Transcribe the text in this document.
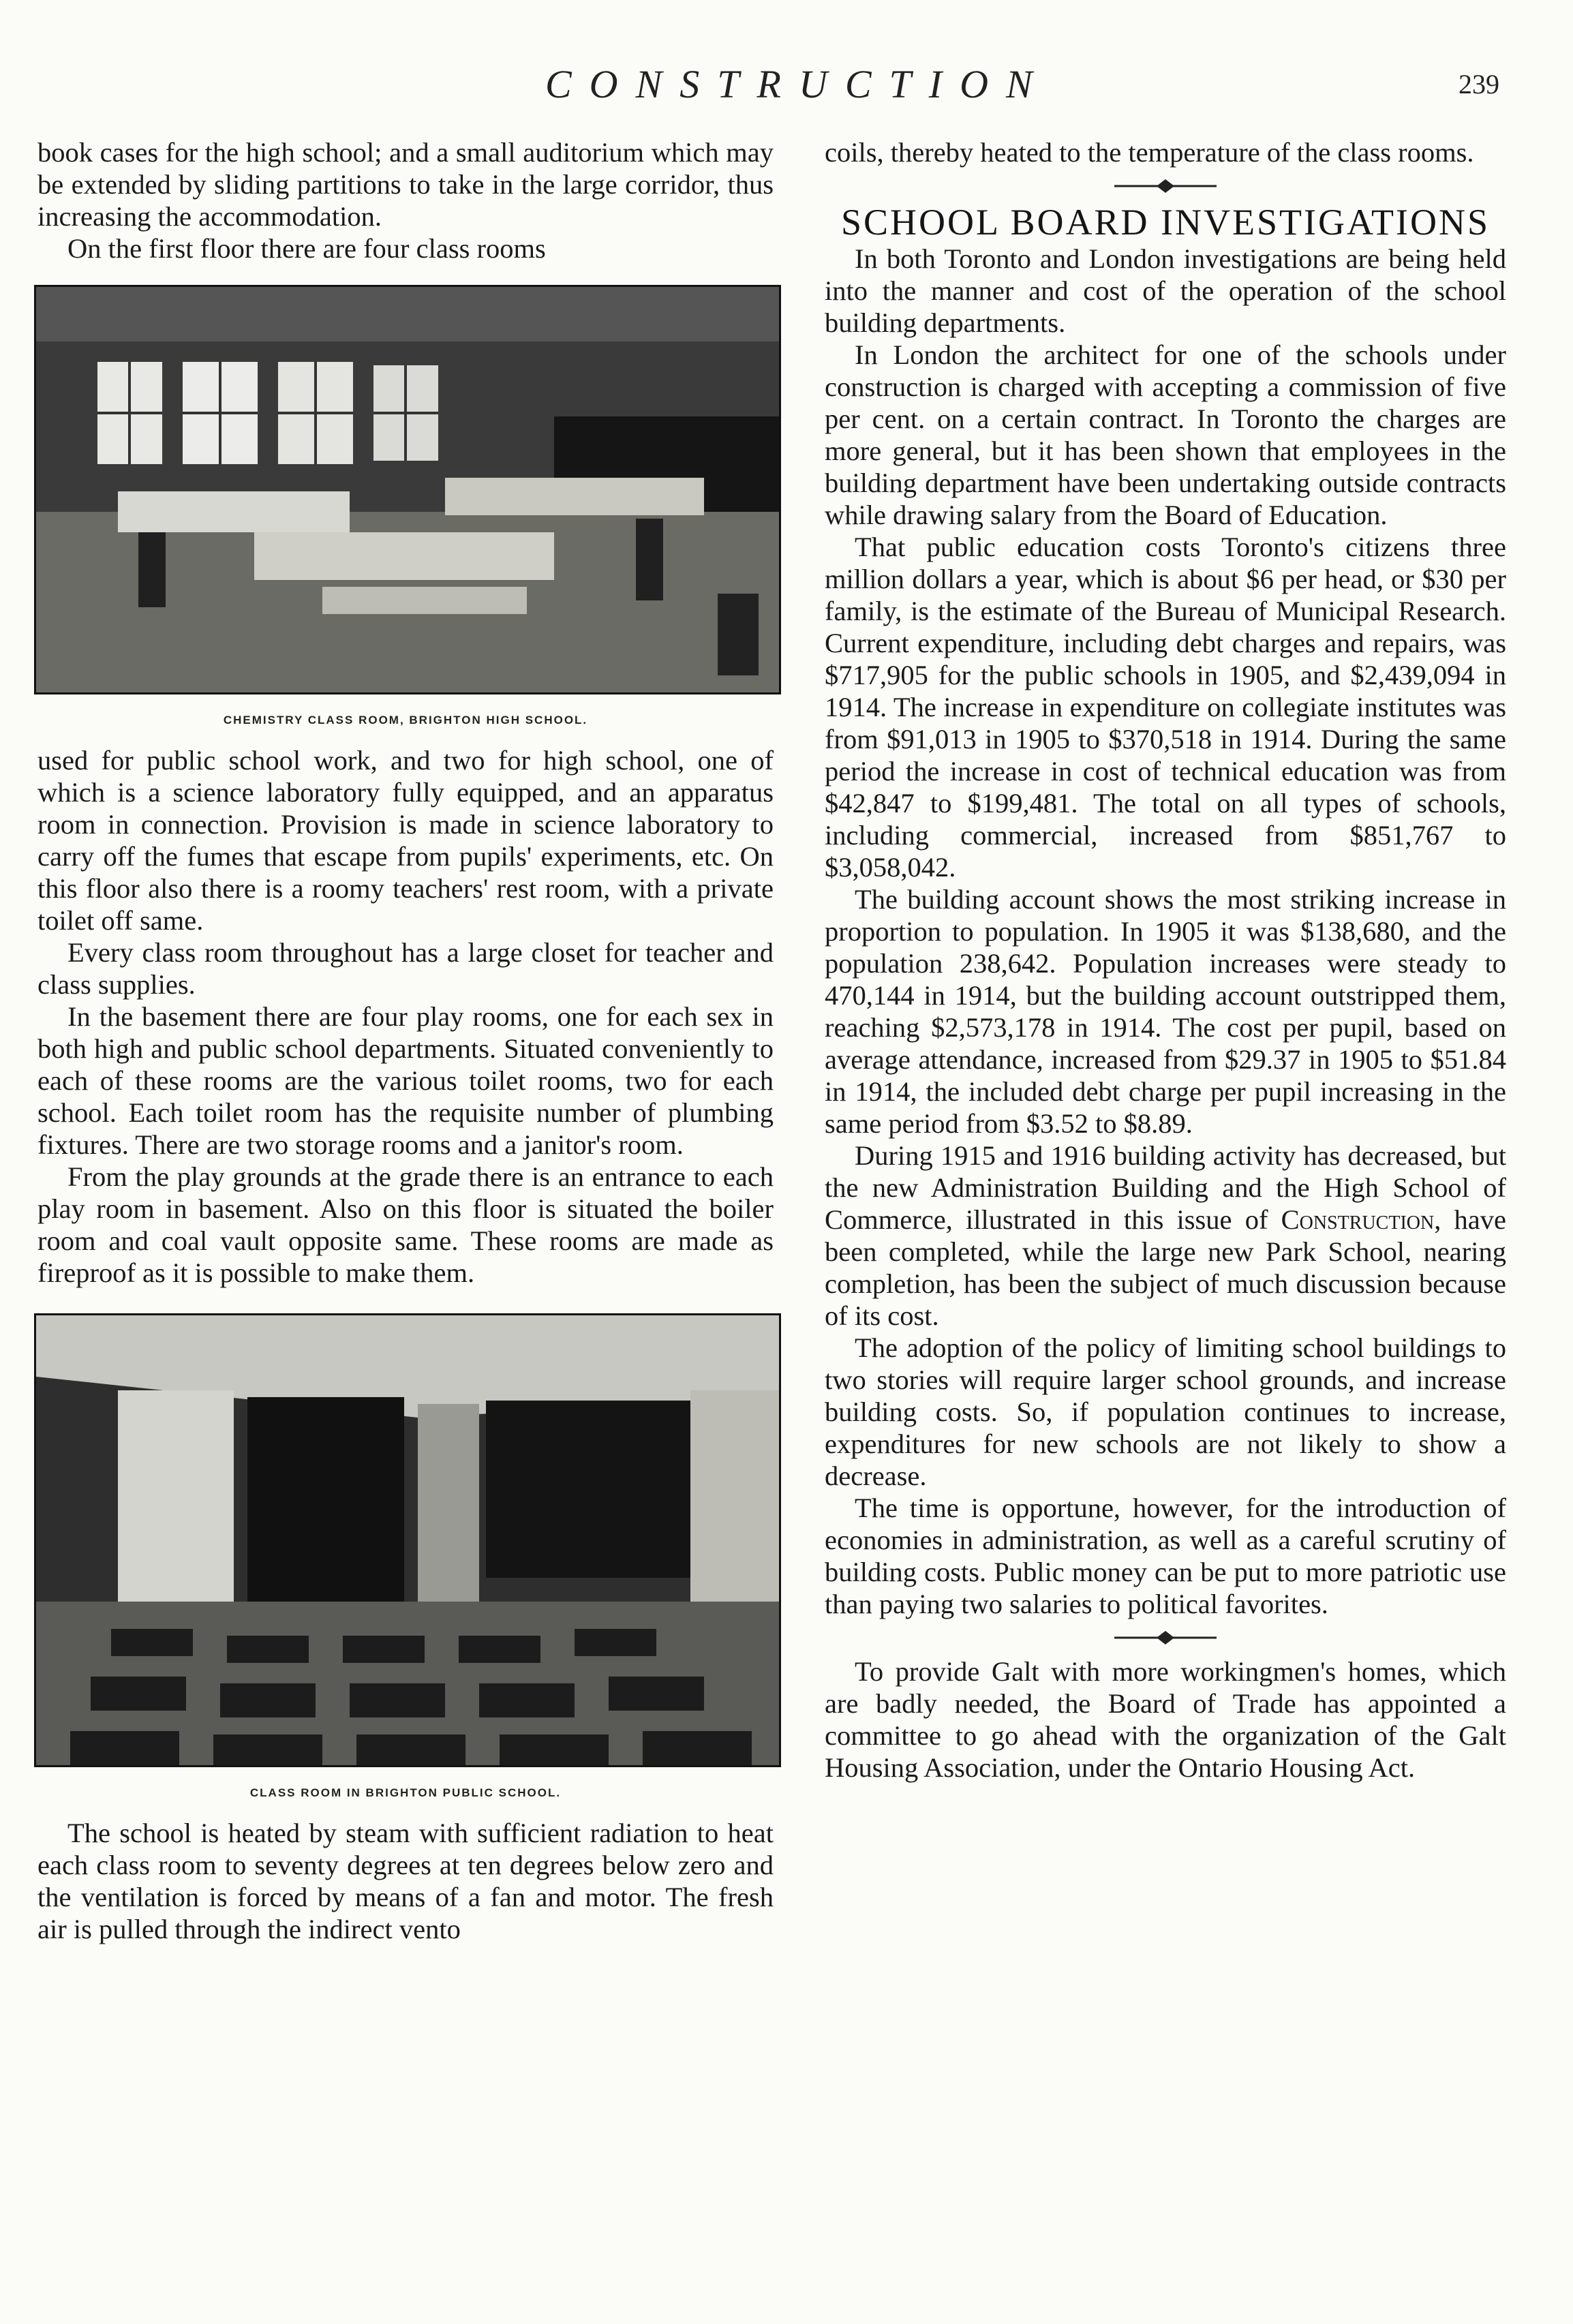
CONSTRUCTION	239

book cases for the high school; and a small auditorium which may be extended by sliding partitions to take in the large corridor, thus increasing the accommodation.

On the first floor there are four class rooms

CHEMISTRY CLASS ROOM, BRIGHTON HIGH SCHOOL.

used for public school work, and two for high school, one of which is a science laboratory fully equipped, and an apparatus room in connection. Provision is made in science laboratory to carry off the fumes that escape from pupils' experiments, etc. On this floor also there is a roomy teachers' rest room, with a private toilet off same.

Every class room throughout has a large closet for teacher and class supplies.

In the basement there are four play rooms, one for each sex in both high and public school departments. Situated conveniently to each of these rooms are the various toilet rooms, two for each school. Each toilet room has the requisite number of plumbing fixtures. There are two storage rooms and a janitor's room.

From the play grounds at the grade there is an entrance to each play room in basement. Also on this floor is situated the boiler room and coal vault opposite same. These rooms are made as fireproof as it is possible to make them.

CLASS ROOM IN BRIGHTON PUBLIC SCHOOL.

The school is heated by steam with sufficient radiation to heat each class room to seventy degrees at ten degrees below zero and the ventilation is forced by means of a fan and motor. The fresh air is pulled through the indirect vento

coils, thereby heated to the temperature of the class rooms.

SCHOOL BOARD INVESTIGATIONS

In both Toronto and London investigations are being held into the manner and cost of the operation of the school building departments.

In London the architect for one of the schools under construction is charged with accepting a commission of five per cent. on a certain contract. In Toronto the charges are more general, but it has been shown that employees in the building department have been undertaking outside contracts while drawing salary from the Board of Education.

That public education costs Toronto's citizens three million dollars a year, which is about $6 per head, or $30 per family, is the estimate of the Bureau of Municipal Research. Current expenditure, including debt charges and repairs, was $717,905 for the public schools in 1905, and $2,439,094 in 1914. The increase in expenditure on collegiate institutes was from $91,013 in 1905 to $370,518 in 1914. During the same period the increase in cost of technical education was from $42,847 to $199,481. The total on all types of schools, including commercial, increased from $851,767 to $3,058,042.

The building account shows the most striking increase in proportion to population. In 1905 it was $138,680, and the population 238,642. Population increases were steady to 470,144 in 1914, but the building account outstripped them, reaching $2,573,178 in 1914. The cost per pupil, based on average attendance, increased from $29.37 in 1905 to $51.84 in 1914, the included debt charge per pupil increasing in the same period from $3.52 to $8.89.

During 1915 and 1916 building activity has decreased, but the new Administration Building and the High School of Commerce, illustrated in this issue of Construction, have been completed, while the large new Park School, nearing completion, has been the subject of much discussion because of its cost.

The adoption of the policy of limiting school buildings to two stories will require larger school grounds, and increase building costs. So, if population continues to increase, expenditures for new schools are not likely to show a decrease.

The time is opportune, however, for the introduction of economies in administration, as well as a careful scrutiny of building costs. Public money can be put to more patriotic use than paying two salaries to political favorites.

To provide Galt with more workingmen's homes, which are badly needed, the Board of Trade has appointed a committee to go ahead with the organization of the Galt Housing Association, under the Ontario Housing Act.
